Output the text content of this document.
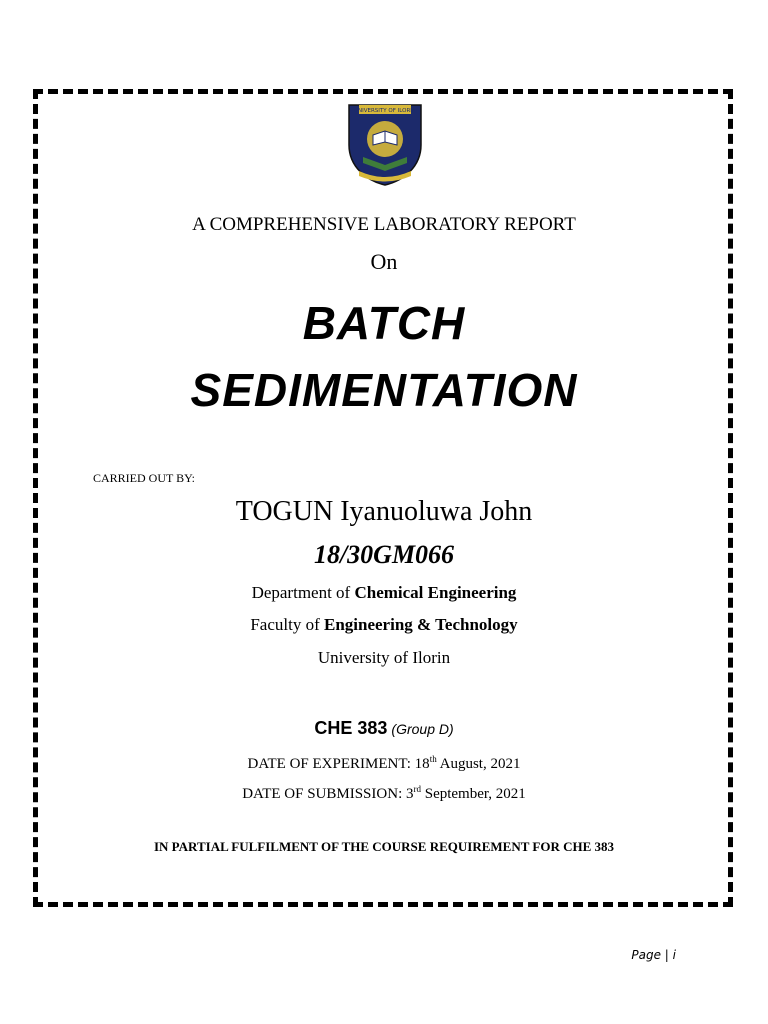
UNIVERSITY OF ILORIN
A COMPREHENSIVE LABORATORY REPORT
On
BATCH
SEDIMENTATION
CARRIED OUT BY:
TOGUN Iyanuoluwa John
18/30GM066
Department of Chemical Engineering
Faculty of Engineering & Technology
University of Ilorin
CHE 383 (Group D)
DATE OF EXPERIMENT: 18th August, 2021
DATE OF SUBMISSION: 3rd September, 2021
IN PARTIAL FULFILMENT OF THE COURSE REQUIREMENT FOR CHE 383
Page | i
